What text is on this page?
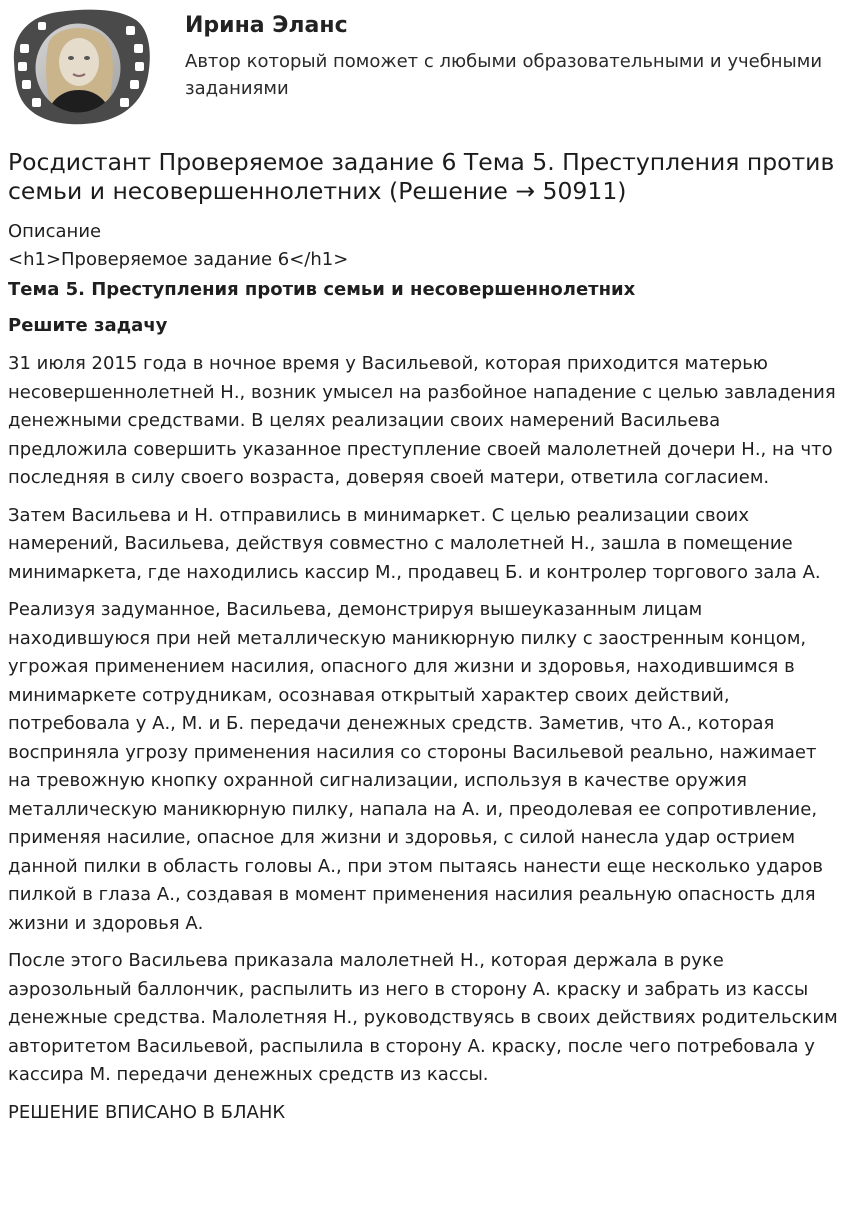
Ирина Эланс

Автор который поможет с любыми образовательными и учебными заданиями

Росдистант Проверяемое задание 6 Тема 5. Преступления против семьи и несовершеннолетних (Решение → 50911)

Описание

<h1>Проверяемое задание 6</h1>

Тема 5. Преступления против семьи и несовершеннолетних

Решите задачу

31 июля 2015 года в ночное время у Васильевой, которая приходится матерью несовершеннолетней Н., возник умысел на разбойное нападение с целью завладения денежными средствами. В целях реализации своих намерений Васильева предложила совершить указанное преступление своей малолетней дочери Н., на что последняя в силу своего возраста, доверяя своей матери, ответила согласием.

Затем Васильева и Н. отправились в минимаркет. С целью реализации своих намерений, Васильева, действуя совместно с малолетней Н., зашла в помещение минимаркета, где находились кассир М., продавец Б. и контролер торгового зала А.

Реализуя задуманное, Васильева, демонстрируя вышеуказанным лицам находившуюся при ней металлическую маникюрную пилку с заостренным концом, угрожая применением насилия, опасного для жизни и здоровья, находившимся в минимаркете сотрудникам, осознавая открытый характер своих действий, потребовала у А., М. и Б. передачи денежных средств. Заметив, что А., которая восприняла угрозу применения насилия со стороны Васильевой реально, нажимает на тревожную кнопку охранной сигнализации, используя в качестве оружия металлическую маникюрную пилку, напала на А. и, преодолевая ее сопротивление, применяя насилие, опасное для жизни и здоровья, с силой нанесла удар острием данной пилки в область головы А., при этом пытаясь нанести еще несколько ударов пилкой в глаза А., создавая в момент применения насилия реальную опасность для жизни и здоровья А.

После этого Васильева приказала малолетней Н., которая держала в руке аэрозольный баллончик, распылить из него в сторону А. краску и забрать из кассы денежные средства. Малолетняя Н., руководствуясь в своих действиях родительским авторитетом Васильевой, распылила в сторону А. краску, после чего потребовала у кассира М. передачи денежных средств из кассы.

РЕШЕНИЕ ВПИСАНО В БЛАНК
